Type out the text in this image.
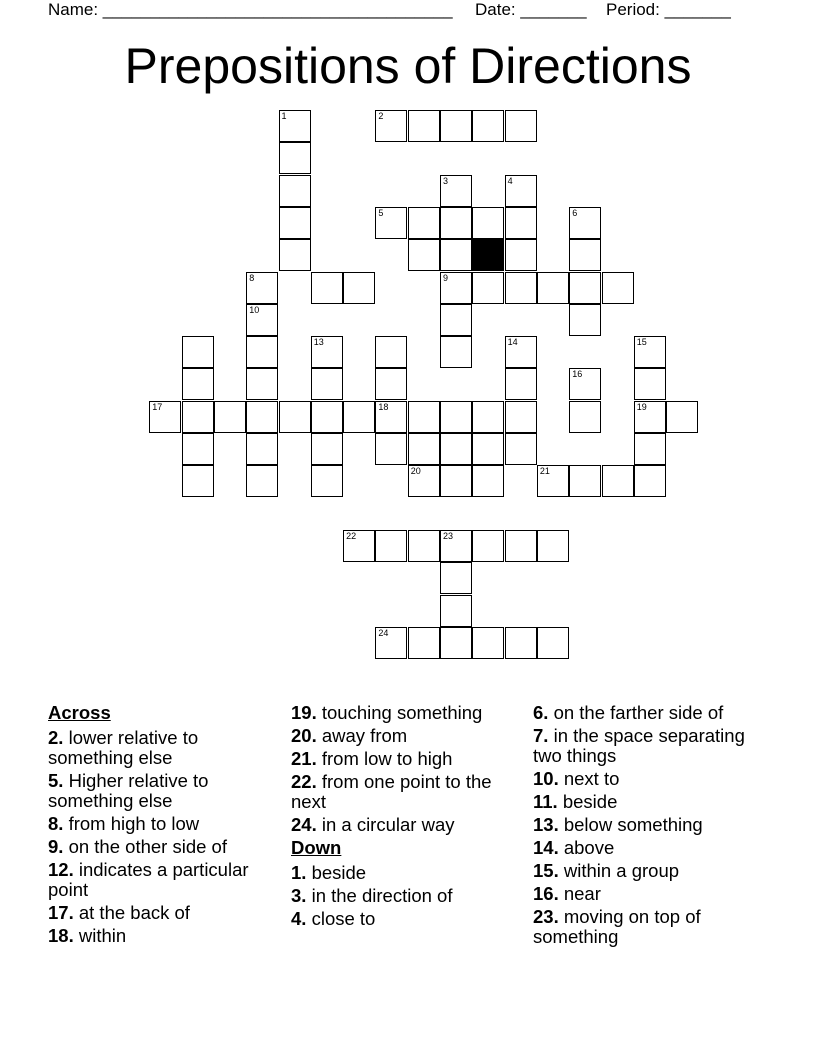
Name: _____________________________________ Date: _______ Period: _______
Prepositions of Directions
1	2
3
9
4
5	6
8
10
13	14	15
16
17	18	19
20	21
22	23
24
Across
2. lower relative to something else
5. Higher relative to something else
8. from high to low
9. on the other side of
12. indicates a particular point
17. at the back of
18. within
19. touching something
20. away from
21. from low to high
22. from one point to the next
24. in a circular way
Down
1. beside
3. in the direction of
4. close to
6. on the farther side of
7. in the space separating two things
10. next to
11. beside
13. below something
14. above
15. within a group
16. near
23. moving on top of something
